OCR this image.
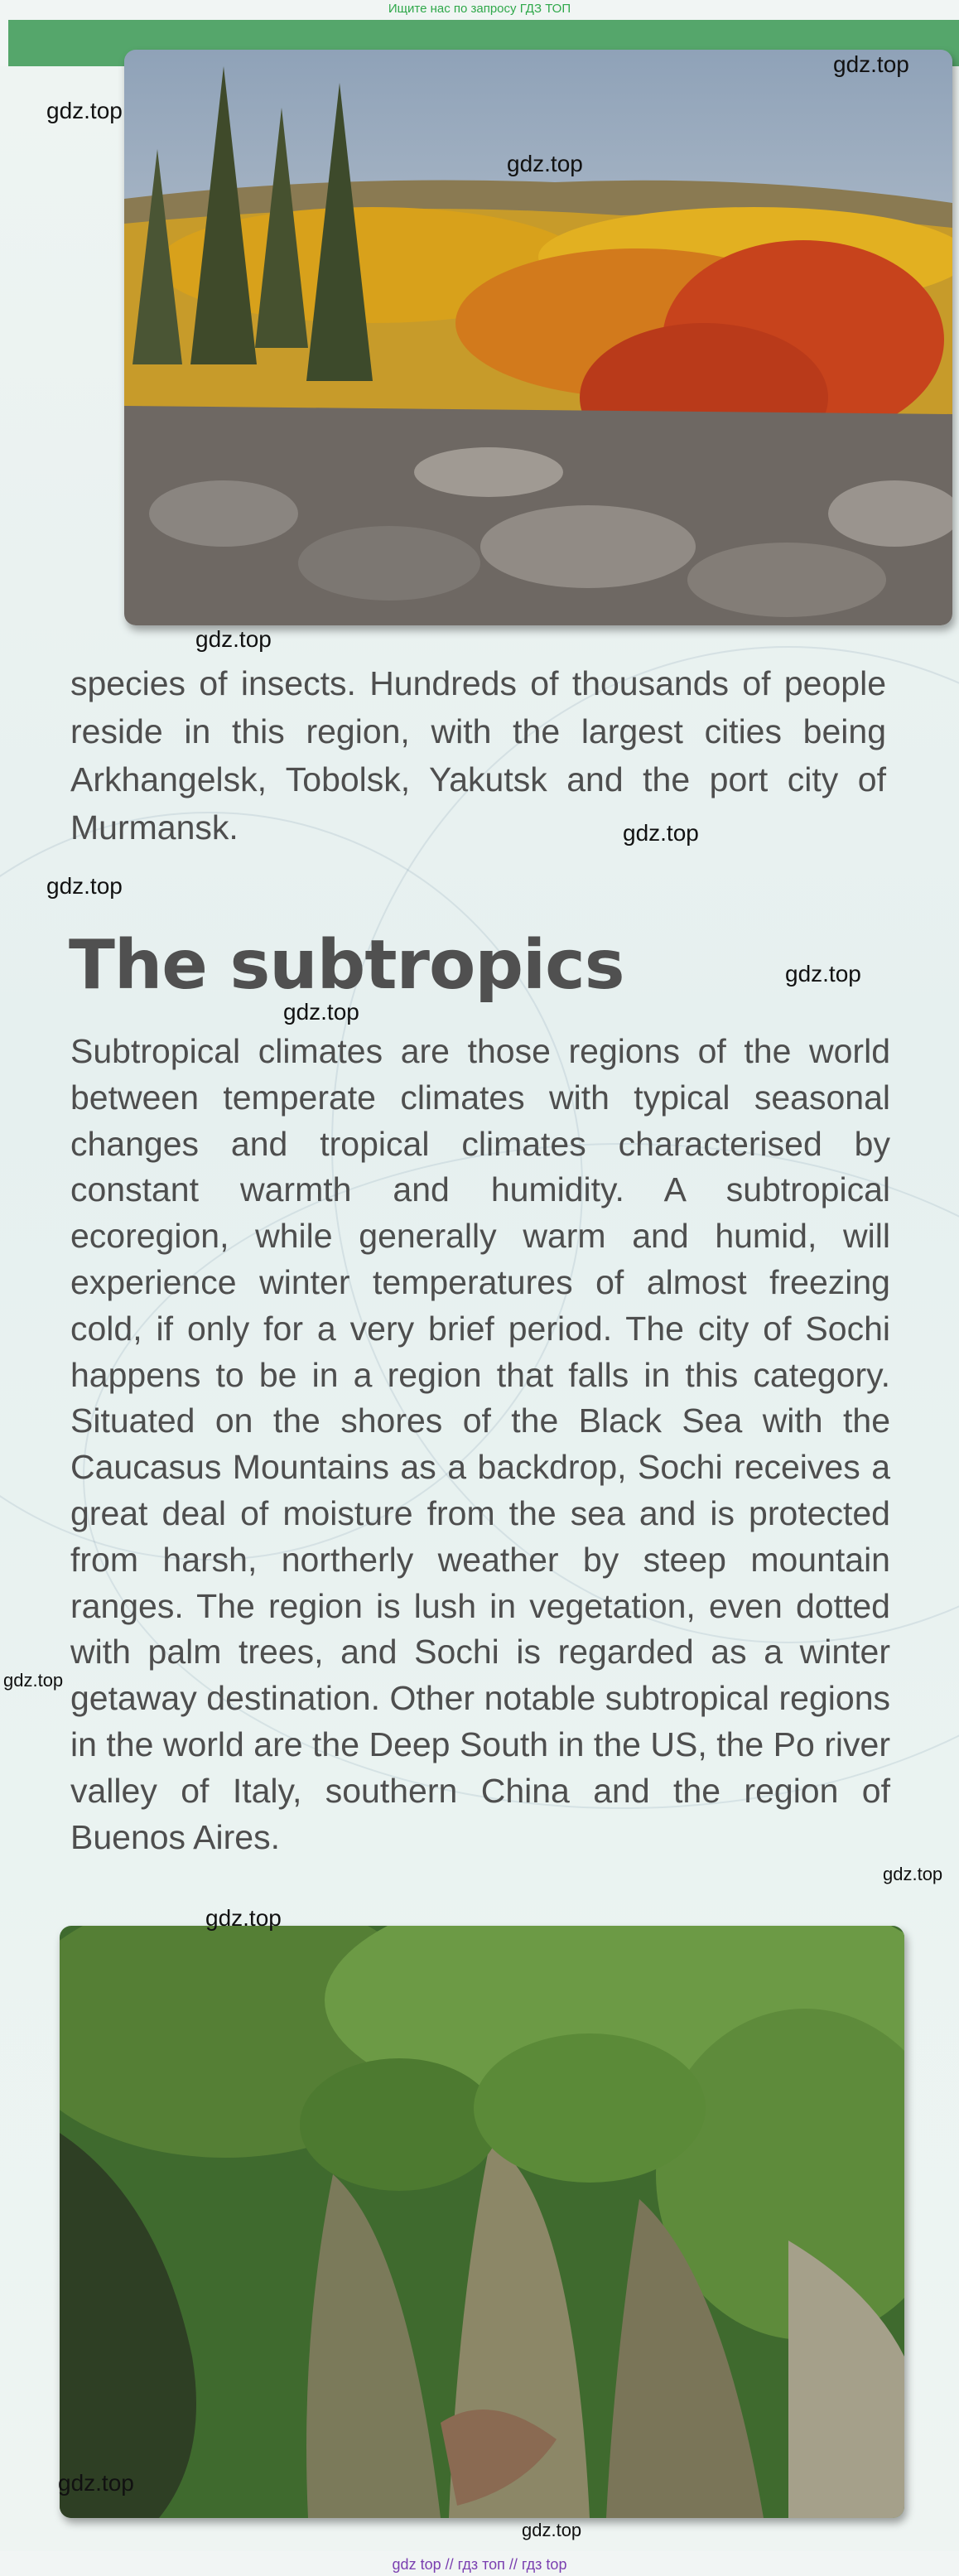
Ищите нас по запросу ГДЗ ТОП
species of insects. Hundreds of thousands of people reside in this region, with the largest cities being Arkhangelsk, Tobolsk, Yakutsk and the port city of Murmansk.
The subtropics
Subtropical climates are those regions of the world between temperate climates with typical seasonal changes and tropical climates characterised by constant warmth and humidity. A subtropical ecoregion, while generally warm and humid, will experience winter temperatures of almost freezing cold, if only for a very brief period. The city of Sochi happens to be in a region that falls in this category. Situated on the shores of the Black Sea with the Caucasus Mountains as a backdrop, Sochi receives a great deal of moisture from the sea and is protected from harsh, northerly weather by steep mountain ranges. The region is lush in vegetation, even dotted with palm trees, and Sochi is regarded as a winter getaway destination. Other notable subtropical regions in the world are the Deep South in the US, the Po river valley of Italy, southern China and the region of Buenos Aires.
gdz.top
gdz.top
gdz.top
gdz.top
gdz.top
gdz.top
gdz.top
gdz.top
gdz.top
gdz.top
gdz.top
gdz.top
gdz.top
gdz top // гдз топ // гдз top
